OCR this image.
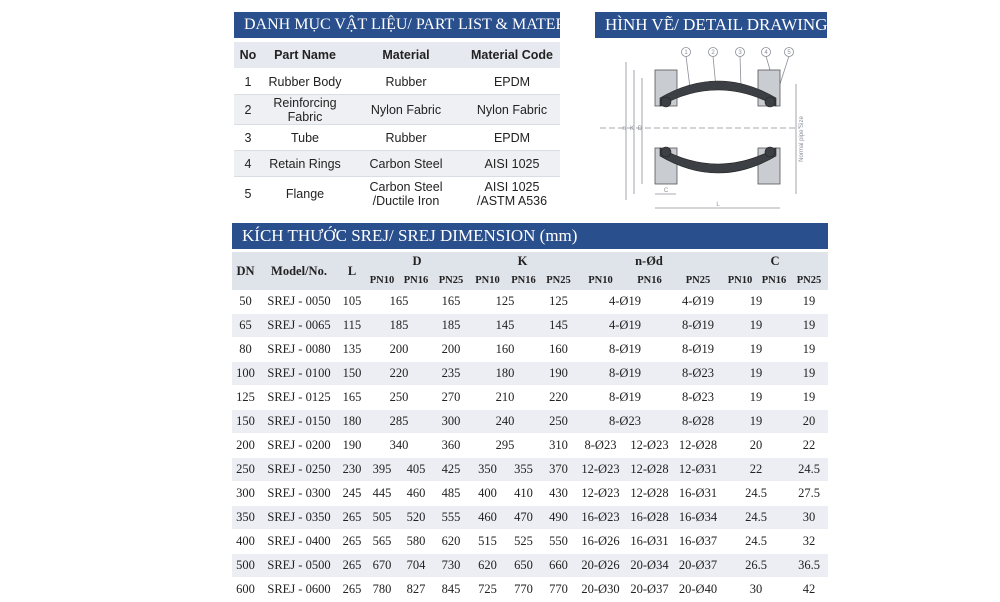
DANH MỤC VẬT LIỆU/ PART LIST & MATERIAL HÌNH VẼ/ DETAIL DRAWING
No	Part Name	Material	Material Code
1	Rubber Body	Rubber	EPDM
2	Reinforcing Fabric	Nylon Fabric	Nylon Fabric
3	Tube	Rubber	EPDM
4	Retain Rings	Carbon Steel	AISI 1025
5	Flange	Carbon Steel /Ductile Iron	AISI 1025 /ASTM A536
1	2	3	4	5
n K D
C
L
Normal pipe Size
KÍCH THƯỚC SREJ/ SREJ DIMENSION (mm)
DN	Model/No.	L	D			K			n-Ød			C		
			PN10	PN16	PN25	PN10	PN16	PN25	PN10	PN16	PN25	PN10	PN16	PN25
50	SREJ - 0050	105	165		165	125		125	4-Ø19		4-Ø19	19		19
65	SREJ - 0065	115	185		185	145		145	4-Ø19		8-Ø19	19		19
80	SREJ - 0080	135	200		200	160		160	8-Ø19		8-Ø19	19		19
100	SREJ - 0100	150	220		235	180		190	8-Ø19		8-Ø23	19		19
125	SREJ - 0125	165	250		270	210		220	8-Ø19		8-Ø23	19		19
150	SREJ - 0150	180	285		300	240		250	8-Ø23		8-Ø28	19		20
200	SREJ - 0200	190	340		360	295		310	8-Ø23	12-Ø23	12-Ø28	20		22
250	SREJ - 0250	230	395	405	425	350	355	370	12-Ø23	12-Ø28	12-Ø31	22		24.5
300	SREJ - 0300	245	445	460	485	400	410	430	12-Ø23	12-Ø28	16-Ø31	24.5		27.5
350	SREJ - 0350	265	505	520	555	460	470	490	16-Ø23	16-Ø28	16-Ø34	24.5		30
400	SREJ - 0400	265	565	580	620	515	525	550	16-Ø26	16-Ø31	16-Ø37	24.5		32
500	SREJ - 0500	265	670	704	730	620	650	660	20-Ø26	20-Ø34	20-Ø37	26.5		36.5
600	SREJ - 0600	265	780	827	845	725	770	770	20-Ø30	20-Ø37	20-Ø40	30		42
